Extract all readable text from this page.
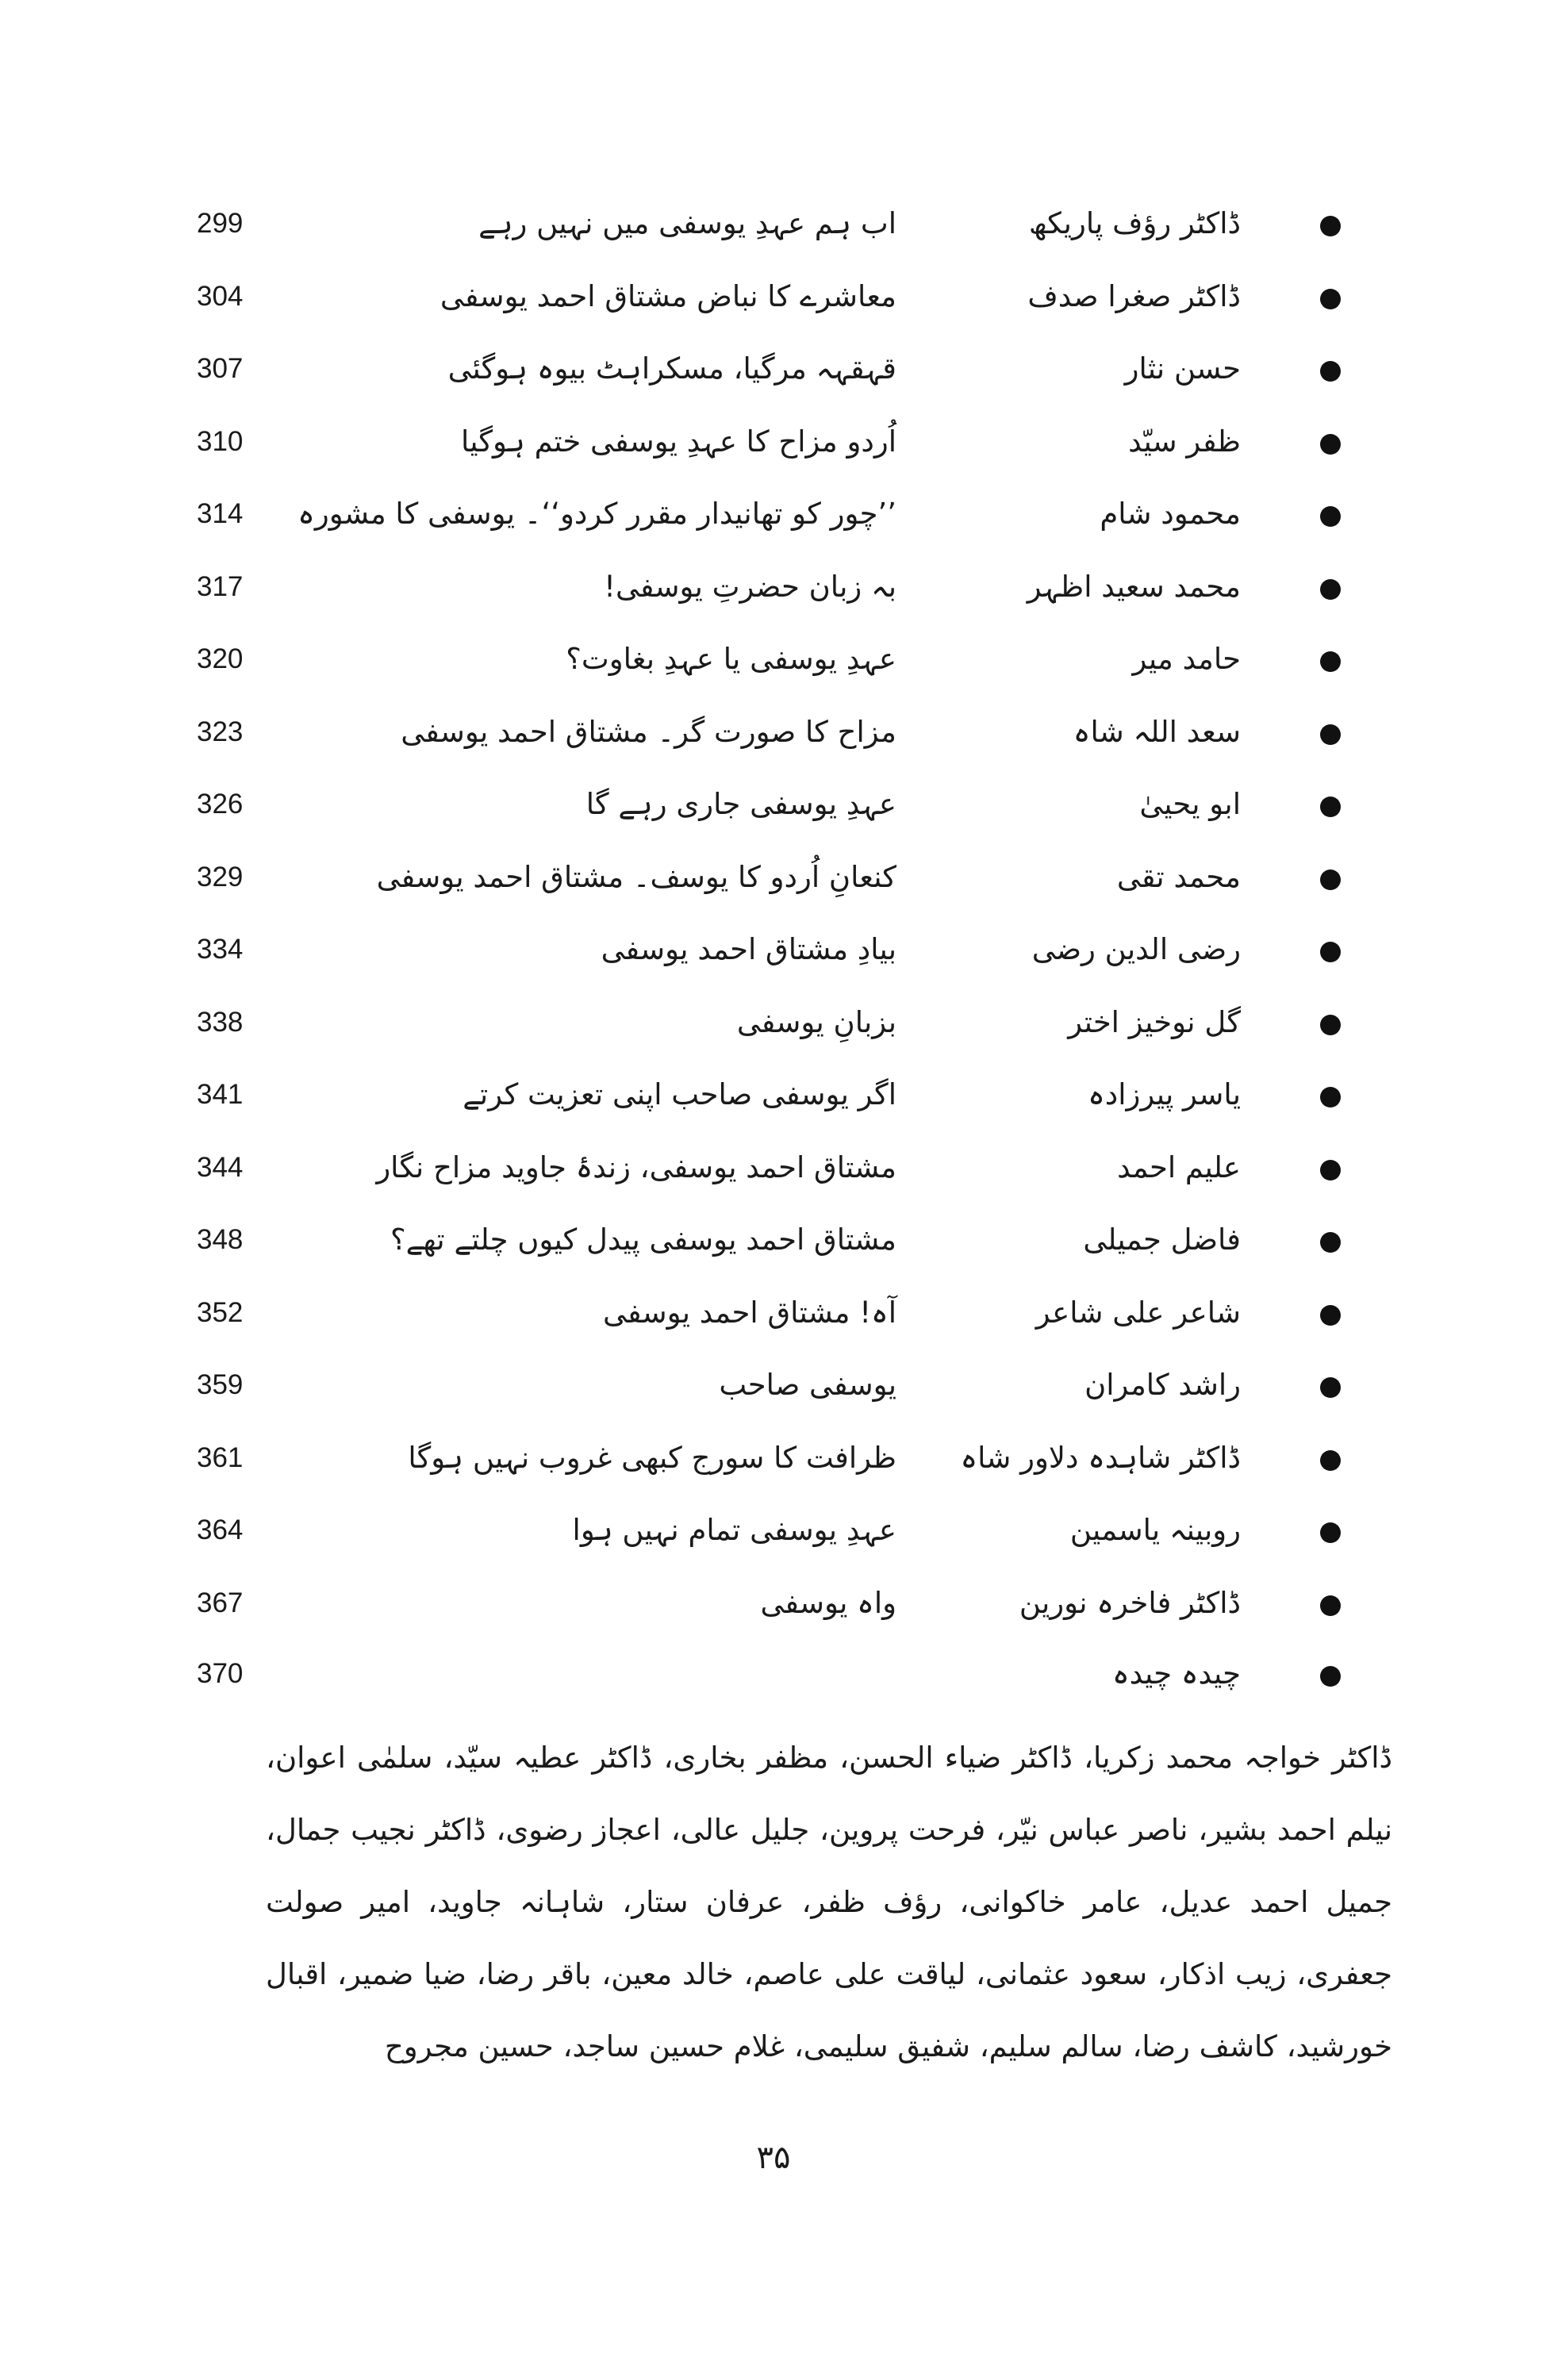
ڈاکٹر رؤف پاریکھ
اب ہم عہدِ یوسفی میں نہیں رہے
299
ڈاکٹر صغرا صدف
معاشرے کا نباض مشتاق احمد یوسفی
304
حسن نثار
قہقہہ مرگیا، مسکراہٹ بیوہ ہوگئی
307
ظفر سیّد
اُردو مزاح کا عہدِ یوسفی ختم ہوگیا
310
محمود شام
’’چور کو تھانیدار مقرر کردو‘‘۔ یوسفی کا مشورہ
314
محمد سعید اظہر
بہ زبان حضرتِ یوسفی!
317
حامد میر
عہدِ یوسفی یا عہدِ بغاوت؟
320
سعد اللہ شاہ
مزاح کا صورت گر۔ مشتاق احمد یوسفی
323
ابو یحییٰ
عہدِ یوسفی جاری رہے گا
326
محمد تقی
کنعانِ اُردو کا یوسف۔ مشتاق احمد یوسفی
329
رضی الدین رضی
بیادِ مشتاق احمد یوسفی
334
گل نوخیز اختر
بزبانِ یوسفی
338
یاسر پیرزادہ
اگر یوسفی صاحب اپنی تعزیت کرتے
341
علیم احمد
مشتاق احمد یوسفی، زندۂ جاوید مزاح نگار
344
فاضل جمیلی
مشتاق احمد یوسفی پیدل کیوں چلتے تھے؟
348
شاعر علی شاعر
آہ! مشتاق احمد یوسفی
352
راشد کامران
یوسفی صاحب
359
ڈاکٹر شاہدہ دلاور شاہ
ظرافت کا سورج کبھی غروب نہیں ہوگا
361
روبینہ یاسمین
عہدِ یوسفی تمام نہیں ہوا
364
ڈاکٹر فاخرہ نورین
واہ یوسفی
367
چیدہ چیدہ
370
ڈاکٹر خواجہ محمد زکریا، ڈاکٹر ضیاء الحسن، مظفر بخاری، ڈاکٹر عطیہ سیّد، سلمٰی اعوان، نیلم احمد بشیر، ناصر عباس نیّر، فرحت پروین، جلیل عالی، اعجاز رضوی، ڈاکٹر نجیب جمال، جمیل احمد عدیل، عامر خاکوانی، رؤف ظفر، عرفان ستار، شاہانہ جاوید، امیر صولت جعفری، زیب اذکار، سعود عثمانی، لیاقت علی عاصم، خالد معین، باقر رضا، ضیا ضمیر، اقبال خورشید، کاشف رضا، سالم سلیم، شفیق سلیمی، غلام حسین ساجد، حسین مجروح
۳۵
